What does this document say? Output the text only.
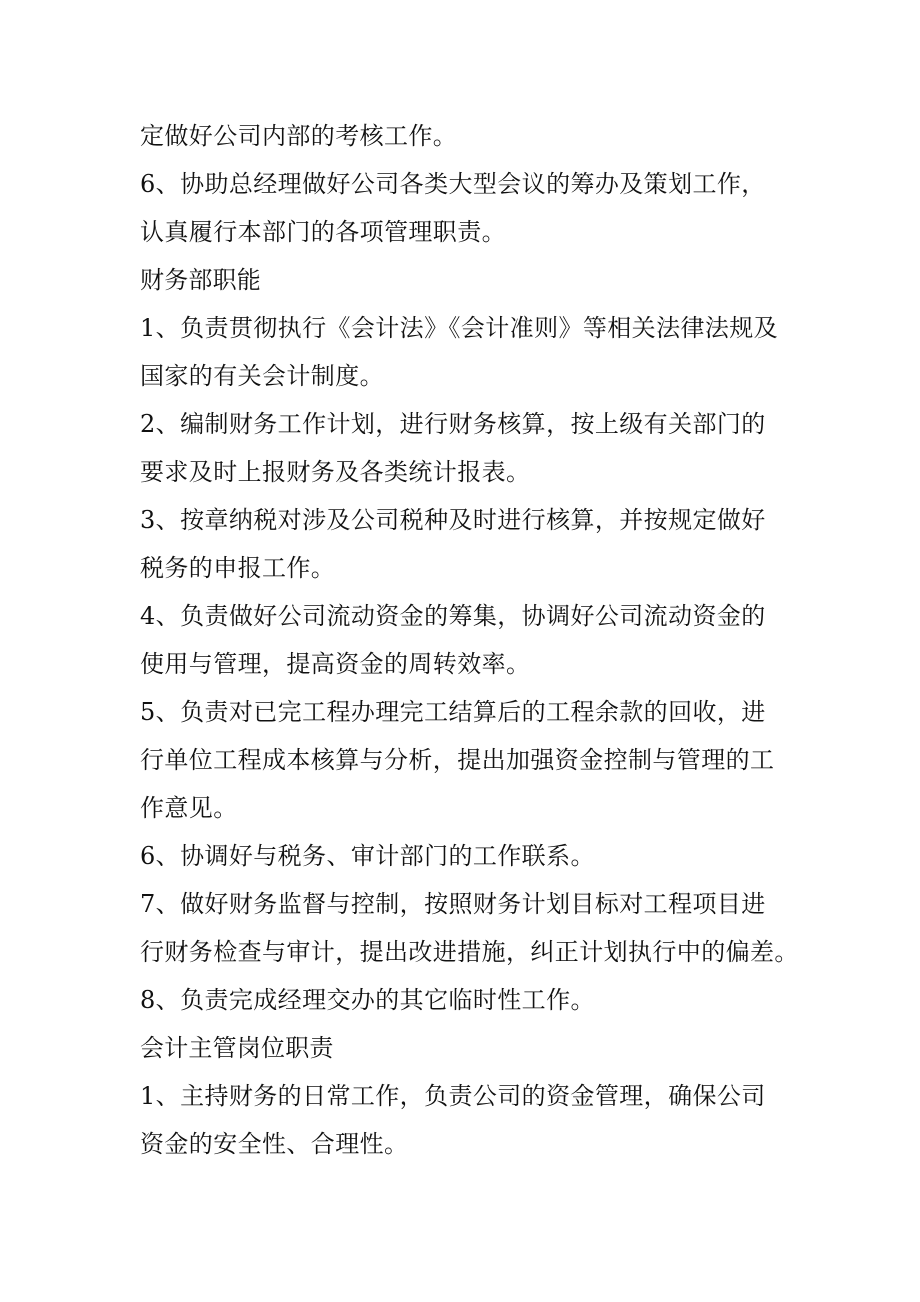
定做好公司内部的考核工作。
6、协助总经理做好公司各类大型会议的筹办及策划工作，
认真履行本部门的各项管理职责。
财务部职能
1、负责贯彻执行《会计法》《会计准则》等相关法律法规及
国家的有关会计制度。
2、编制财务工作计划，进行财务核算，按上级有关部门的
要求及时上报财务及各类统计报表。
3、按章纳税对涉及公司税种及时进行核算，并按规定做好
税务的申报工作。
4、负责做好公司流动资金的筹集，协调好公司流动资金的
使用与管理，提高资金的周转效率。
5、负责对已完工程办理完工结算后的工程余款的回收，进
行单位工程成本核算与分析，提出加强资金控制与管理的工
作意见。
6、协调好与税务、审计部门的工作联系。
7、做好财务监督与控制，按照财务计划目标对工程项目进
行财务检查与审计，提出改进措施，纠正计划执行中的偏差。
8、负责完成经理交办的其它临时性工作。
会计主管岗位职责
1、主持财务的日常工作，负责公司的资金管理，确保公司
资金的安全性、合理性。
